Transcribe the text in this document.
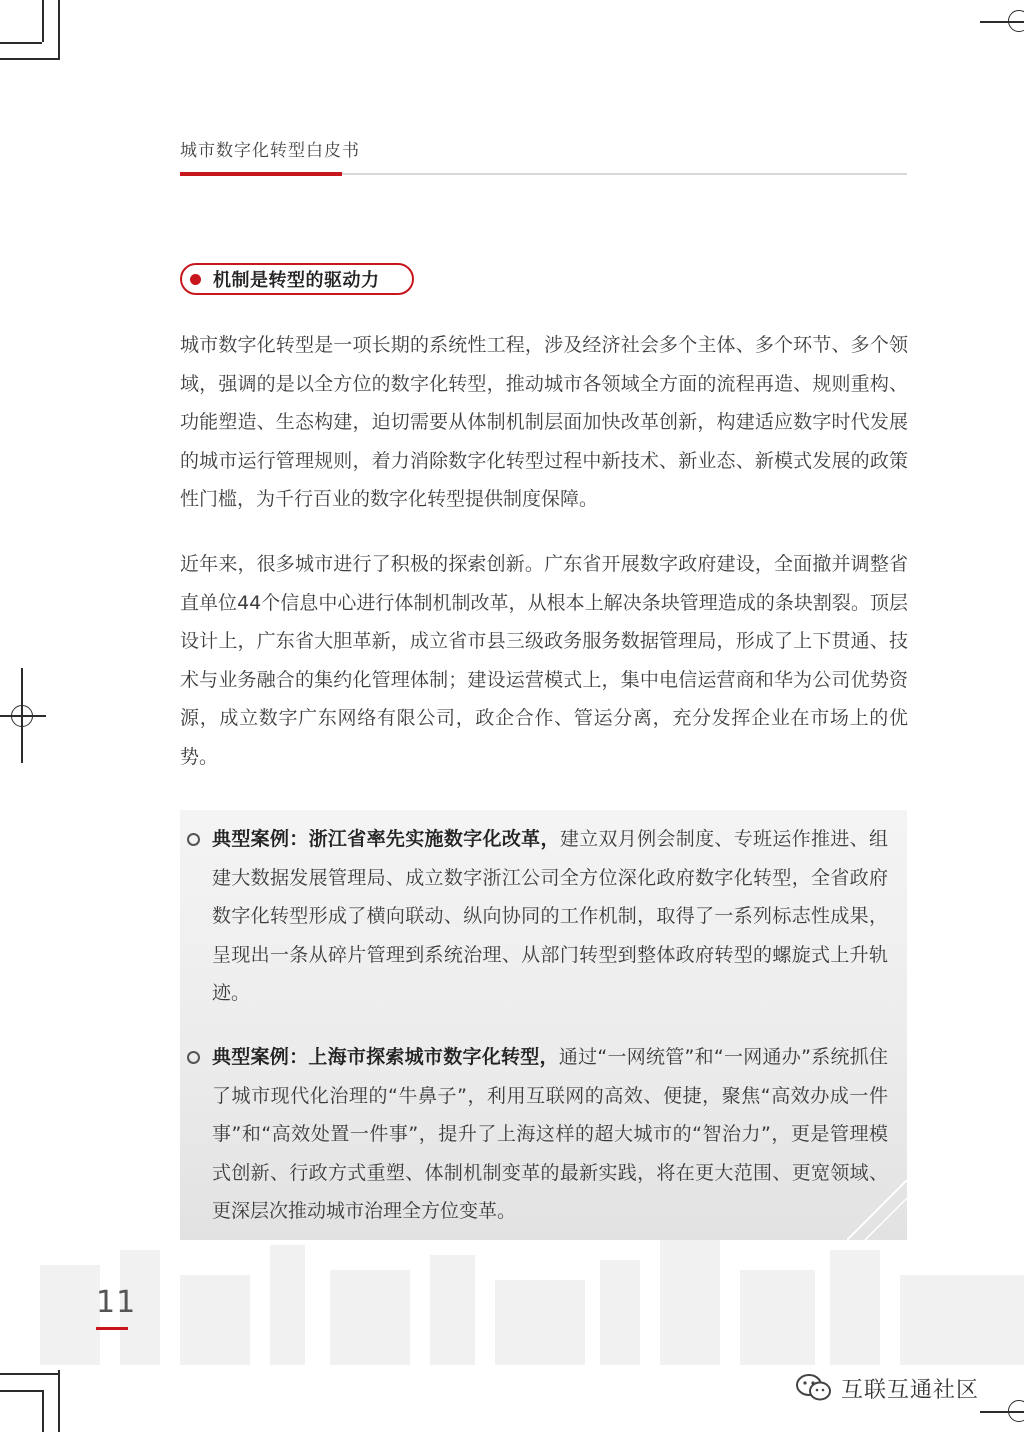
城市数字化转型白皮书
机制是转型的驱动力

城市数字化转型是一项长期的系统性工程，涉及经济社会多个主体、多个环节、多个领域，强调的是以全方位的数字化转型，推动城市各领域全方面的流程再造、规则重构、功能塑造、生态构建，迫切需要从体制机制层面加快改革创新，构建适应数字时代发展的城市运行管理规则，着力消除数字化转型过程中新技术、新业态、新模式发展的政策性门槛，为千行百业的数字化转型提供制度保障。

近年来，很多城市进行了积极的探索创新。广东省开展数字政府建设，全面撤并调整省直单位44个信息中心进行体制机制改革，从根本上解决条块管理造成的条块割裂。顶层设计上，广东省大胆革新，成立省市县三级政务服务数据管理局，形成了上下贯通、技术与业务融合的集约化管理体制；建设运营模式上，集中电信运营商和华为公司优势资源，成立数字广东网络有限公司，政企合作、管运分离，充分发挥企业在市场上的优势。

典型案例：浙江省率先实施数字化改革，建立双月例会制度、专班运作推进、组建大数据发展管理局、成立数字浙江公司全方位深化政府数字化转型，全省政府数字化转型形成了横向联动、纵向协同的工作机制，取得了一系列标志性成果，呈现出一条从碎片管理到系统治理、从部门转型到整体政府转型的螺旋式上升轨迹。
典型案例：上海市探索城市数字化转型，通过“一网统管”和“一网通办”系统抓住了城市现代化治理的“牛鼻子”，利用互联网的高效、便捷，聚焦“高效办成一件事”和“高效处置一件事”，提升了上海这样的超大城市的“智治力”，更是管理模式创新、行政方式重塑、体制机制变革的最新实践，将在更大范围、更宽领域、更深层次推动城市治理全方位变革。
11
互联互通社区
